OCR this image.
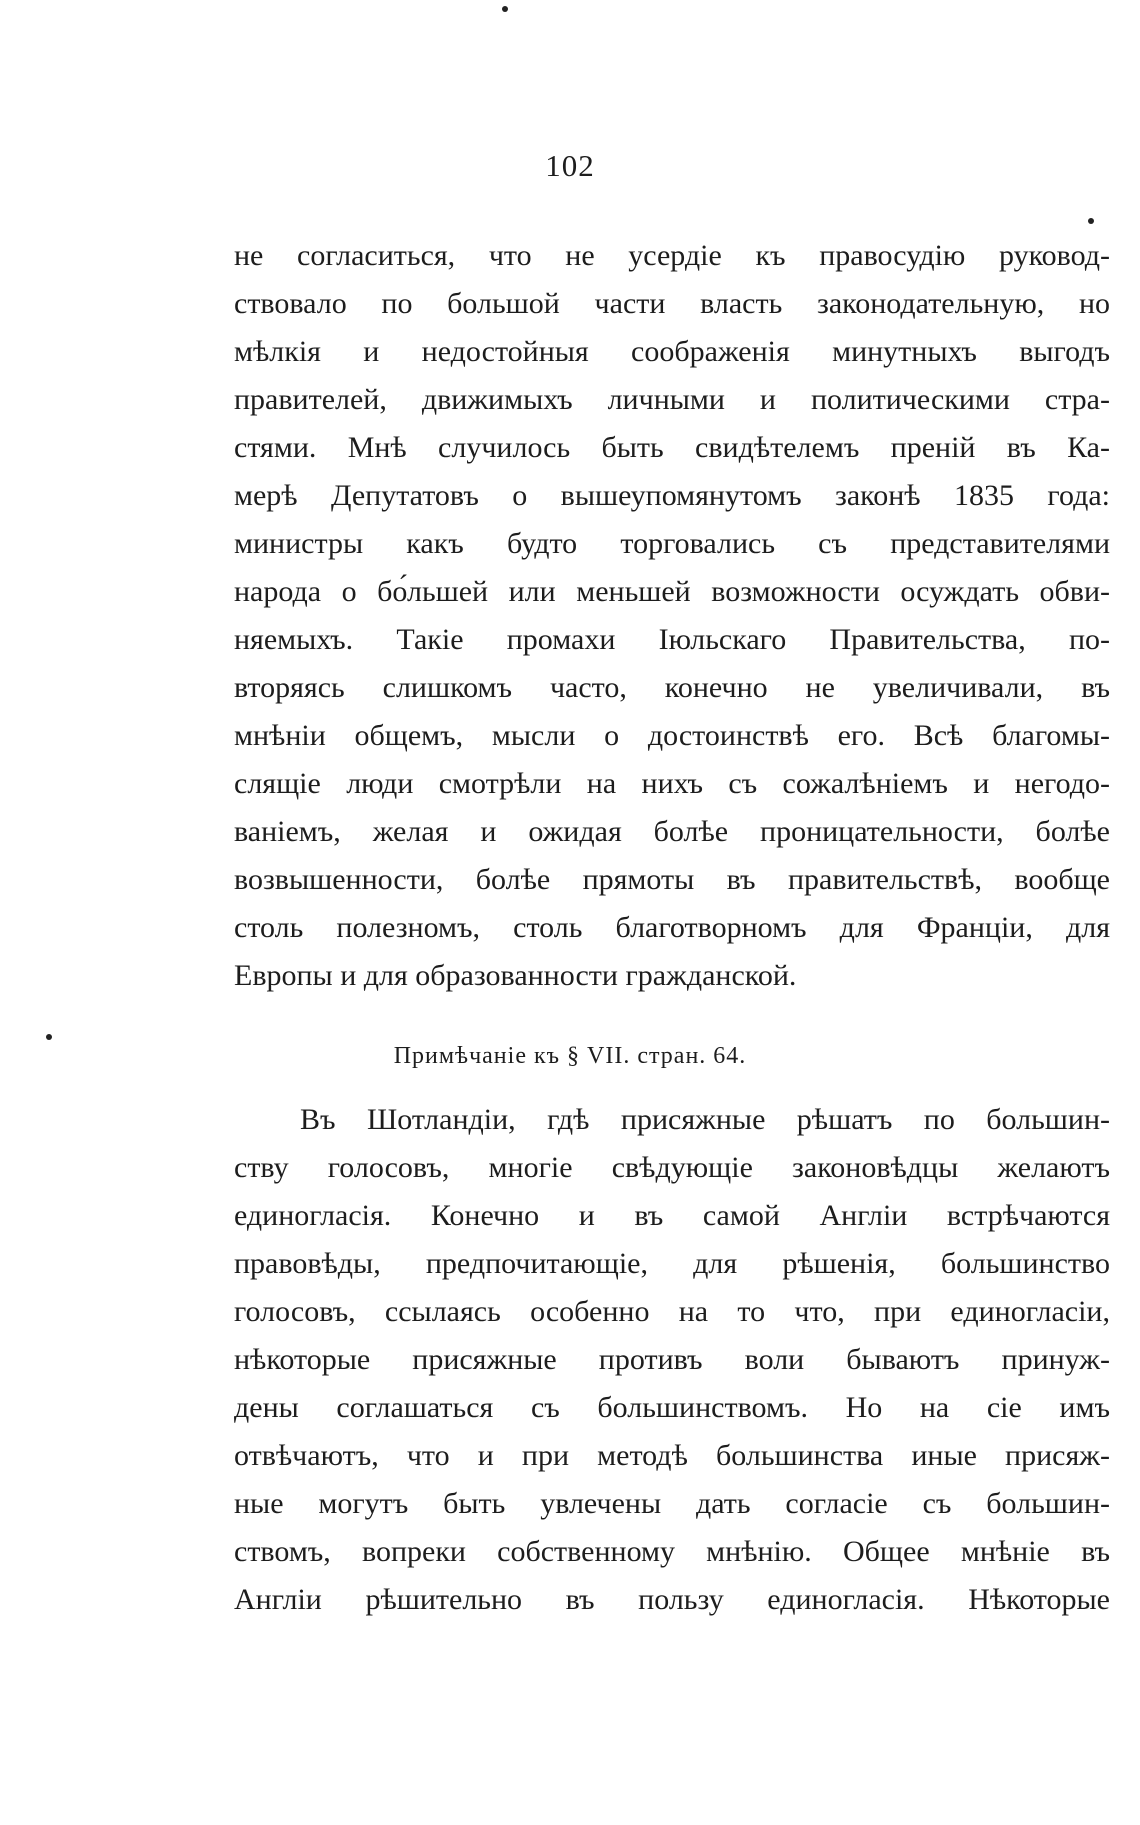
102
не согласиться, что не усердіе къ правосудію руковод-
ствовало по большой части власть законодательную, но
мѣлкія и недостойныя соображенія минутныхъ выгодъ
правителей, движимыхъ личными и политическими стра-
стями. Мнѣ случилось быть свидѣтелемъ преній въ Ка-
мерѣ Депутатовъ о вышеупомянутомъ законѣ 1835 года:
министры какъ будто торговались съ представителями
народа о бо́льшей или меньшей возможности осуждать обви-
няемыхъ. Такіе промахи Іюльскаго Правительства, по-
вторяясь слишкомъ часто, конечно не увеличивали, въ
мнѣніи общемъ, мысли о достоинствѣ его. Всѣ благомы-
слящіе люди смотрѣли на нихъ съ сожалѣніемъ и негодо-
ваніемъ, желая и ожидая болѣе проницательности, болѣе
возвышенности, болѣе прямоты въ правительствѣ, вообще
столь полезномъ, столь благотворномъ для Франціи, для
Европы и для образованности гражданской.
Примѣчаніе къ § VII. стран. 64.
Въ Шотландіи, гдѣ присяжные рѣшатъ по большин-
ству голосовъ, многіе свѣдующіе законовѣдцы желаютъ
единогласія. Конечно и въ самой Англіи встрѣчаются
правовѣды, предпочитающіе, для рѣшенія, большинство
голосовъ, ссылаясь особенно на то что, при единогласіи,
нѣкоторые присяжные противъ воли бываютъ принуж-
дены соглашаться съ большинствомъ. Но на сіе имъ
отвѣчаютъ, что и при методѣ большинства иные присяж-
ные могутъ быть увлечены дать согласіе съ большин-
ствомъ, вопреки собственному мнѣнію. Общее мнѣніе въ
Англіи рѣшительно въ пользу единогласія. Нѣкоторые
